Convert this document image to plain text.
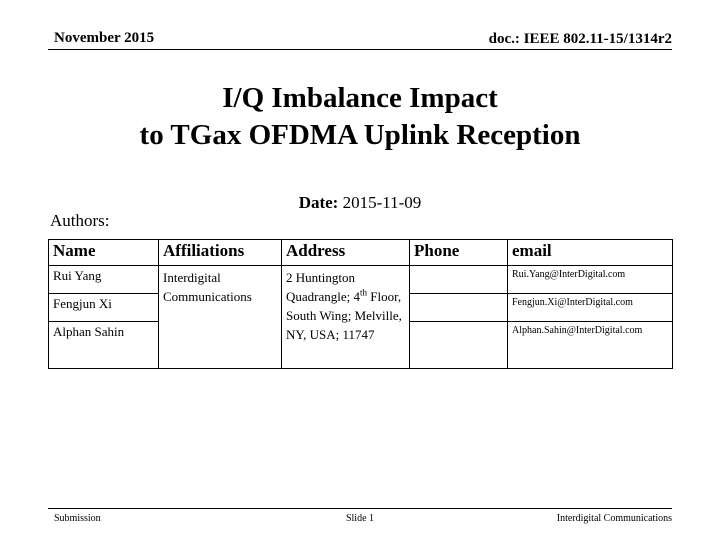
November 2015	doc.: IEEE 802.11-15/1314r2
I/Q Imbalance Impact
to TGax OFDMA Uplink Reception
Date: 2015-11-09
Authors:
Name	Affiliations	Address	Phone	email
Rui Yang	Interdigital Communications	2 Huntington Quadrangle; 4th Floor, South Wing; Melville, NY, USA; 11747		Rui.Yang@InterDigital.com
Fengjun Xi				Fengjun.Xi@InterDigital.com
Alphan Sahin				Alphan.Sahin@InterDigital.com
Submission	Slide 1	Interdigital Communications
